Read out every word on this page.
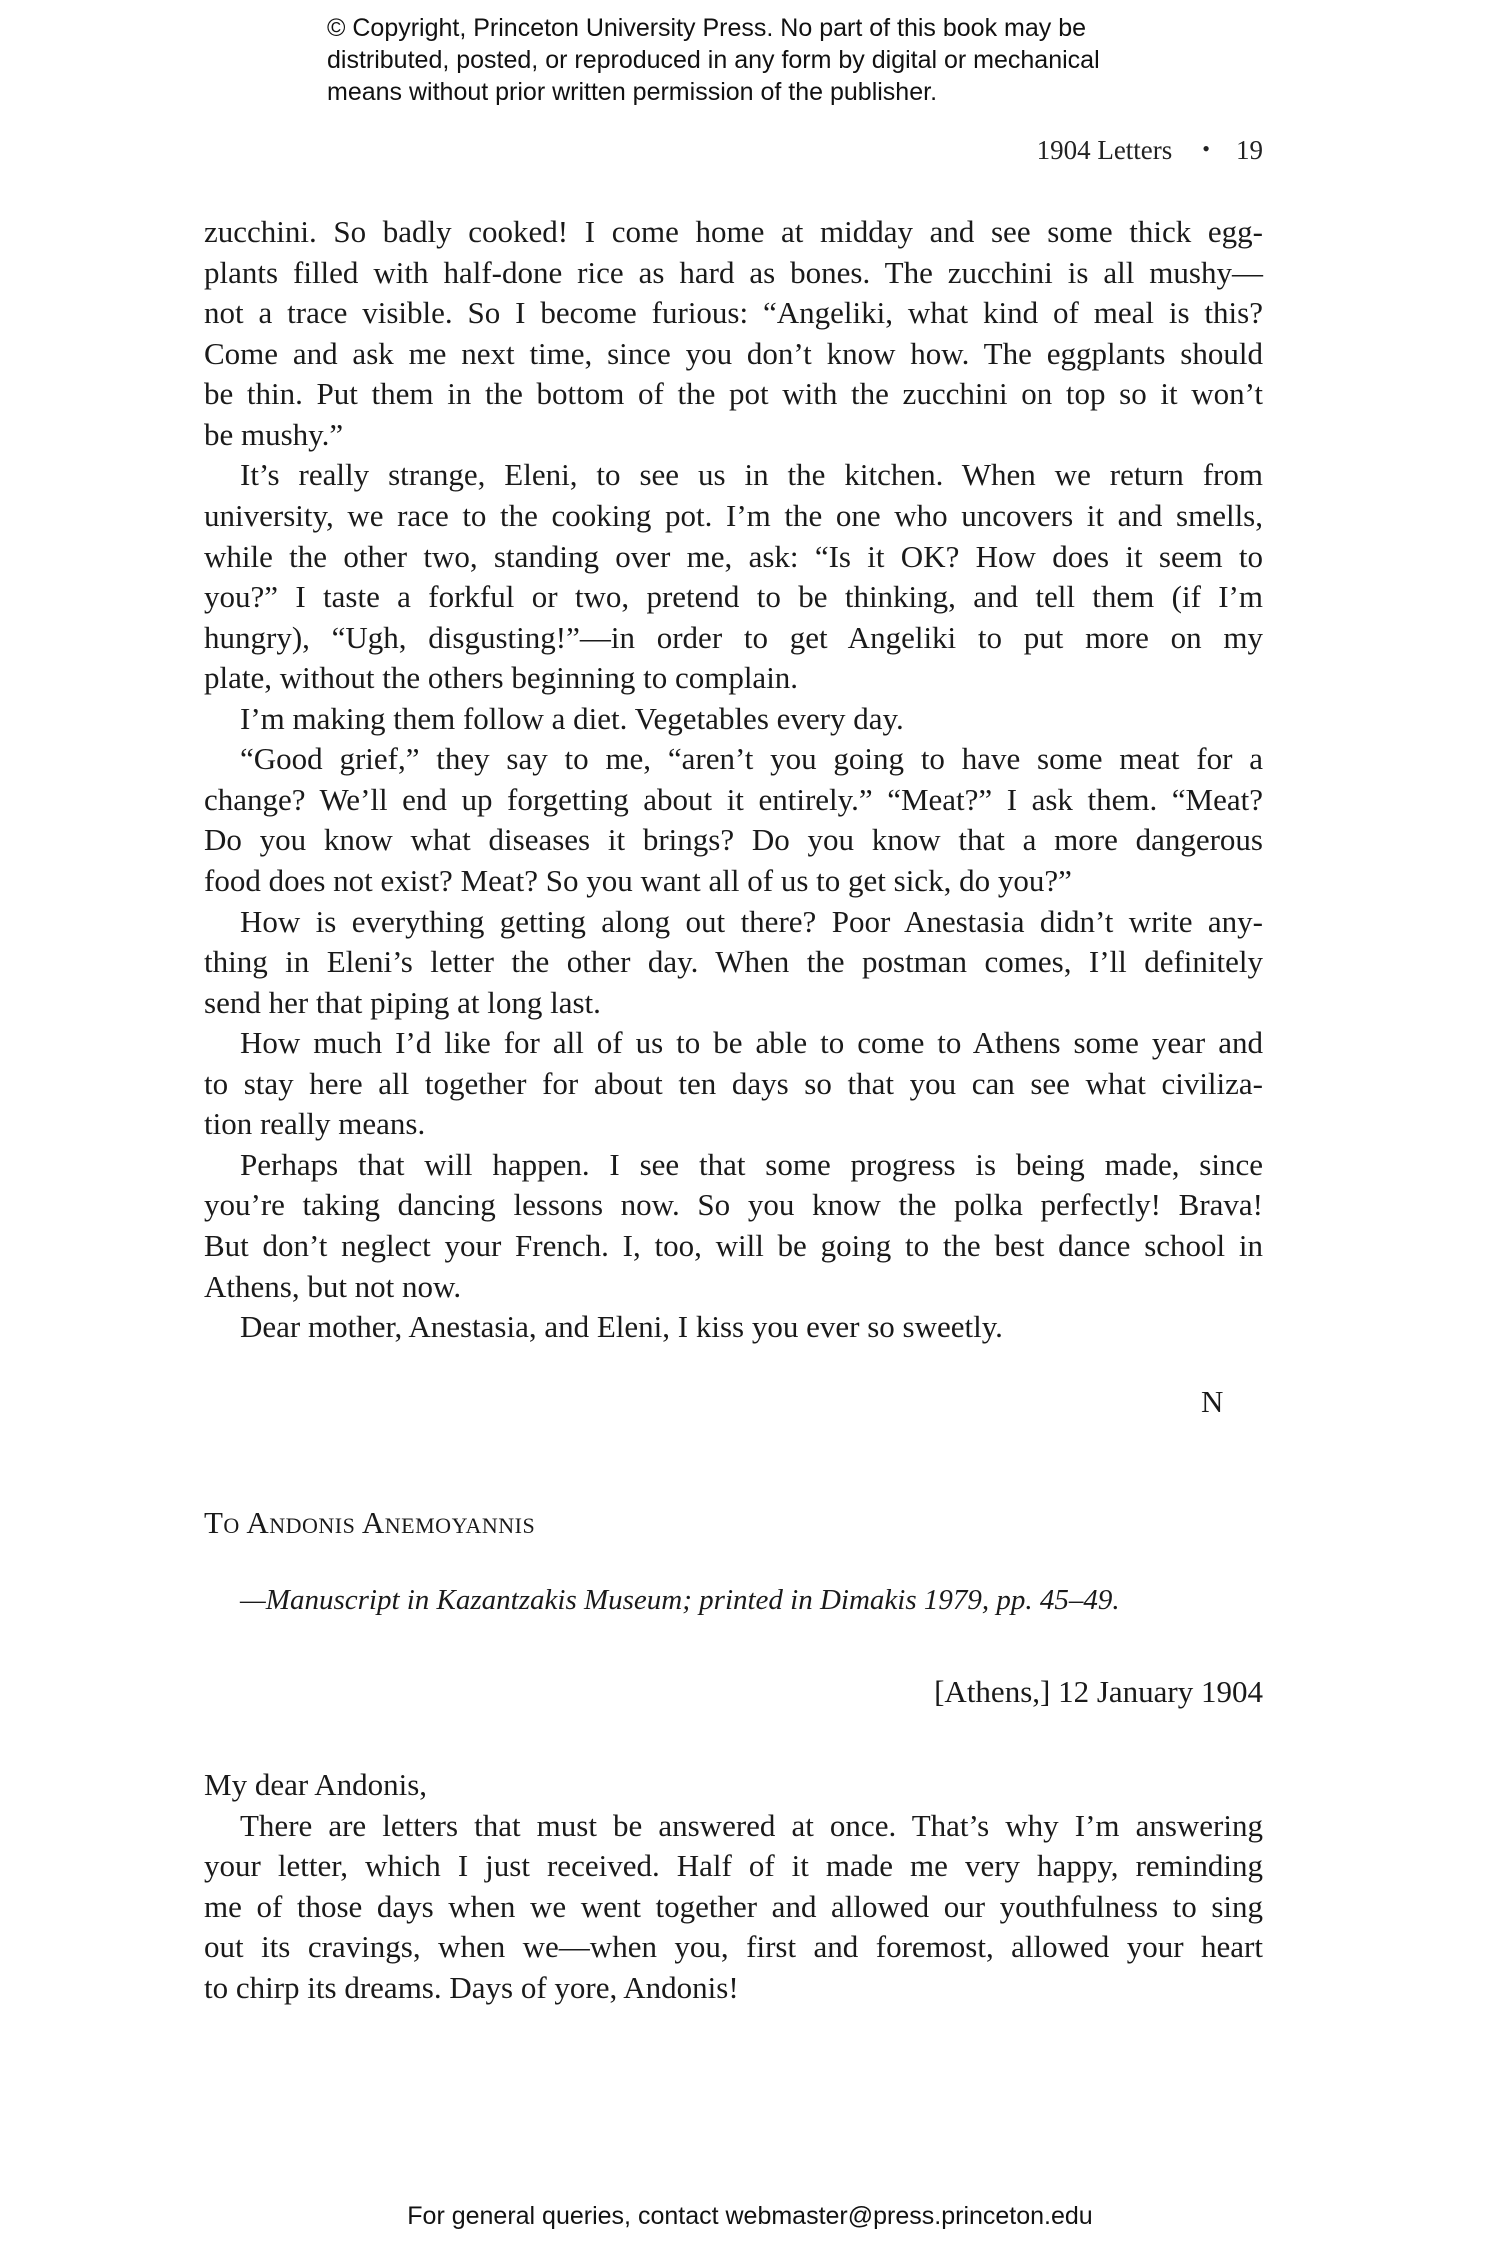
© Copyright, Princeton University Press. No part of this book may be
distributed, posted, or reproduced in any form by digital or mechanical
means without prior written permission of the publisher.
1904 Letters • 19
zucchini. So badly cooked! I come home at midday and see some thick egg-
plants filled with half-done rice as hard as bones. The zucchini is all mushy—
not a trace visible. So I become furious: “Angeliki, what kind of meal is this?
Come and ask me next time, since you don’t know how. The eggplants should
be thin. Put them in the bottom of the pot with the zucchini on top so it won’t
be mushy.”
It’s really strange, Eleni, to see us in the kitchen. When we return from
university, we race to the cooking pot. I’m the one who uncovers it and smells,
while the other two, standing over me, ask: “Is it OK? How does it seem to
you?” I taste a forkful or two, pretend to be thinking, and tell them (if I’m
hungry), “Ugh, disgusting!”—in order to get Angeliki to put more on my
plate, without the others beginning to complain.
I’m making them follow a diet. Vegetables every day.
“Good grief,” they say to me, “aren’t you going to have some meat for a
change? We’ll end up forgetting about it entirely.” “Meat?” I ask them. “Meat?
Do you know what diseases it brings? Do you know that a more dangerous
food does not exist? Meat? So you want all of us to get sick, do you?”
How is everything getting along out there? Poor Anestasia didn’t write any-
thing in Eleni’s letter the other day. When the postman comes, I’ll definitely
send her that piping at long last.
How much I’d like for all of us to be able to come to Athens some year and
to stay here all together for about ten days so that you can see what civiliza-
tion really means.
Perhaps that will happen. I see that some progress is being made, since
you’re taking dancing lessons now. So you know the polka perfectly! Brava!
But don’t neglect your French. I, too, will be going to the best dance school in
Athens, but not now.
Dear mother, Anestasia, and Eleni, I kiss you ever so sweetly.
N
To Andonis Anemoyannis
—Manuscript in Kazantzakis Museum; printed in Dimakis 1979, pp. 45–49.
[Athens,] 12 January 1904
My dear Andonis,
There are letters that must be answered at once. That’s why I’m answering
your letter, which I just received. Half of it made me very happy, reminding
me of those days when we went together and allowed our youthfulness to sing
out its cravings, when we—when you, first and foremost, allowed your heart
to chirp its dreams. Days of yore, Andonis!
For general queries, contact webmaster@press.princeton.edu
